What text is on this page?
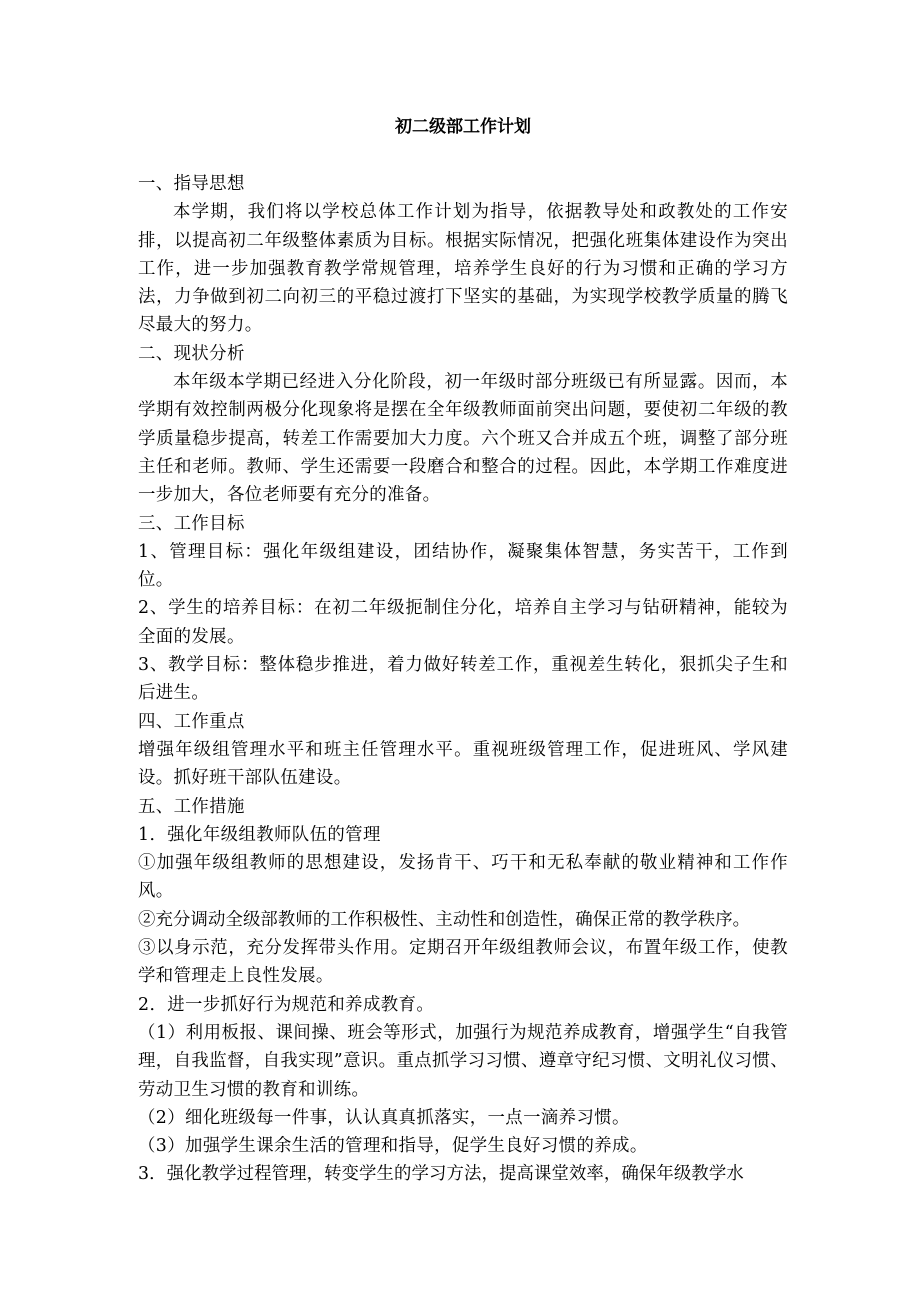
初二级部工作计划

一、指导思想

本学期，我们将以学校总体工作计划为指导，依据教导处和政教处的工作安排，以提高初二年级整体素质为目标。根据实际情况，把强化班集体建设作为突出工作，进一步加强教育教学常规管理，培养学生良好的行为习惯和正确的学习方法，力争做到初二向初三的平稳过渡打下坚实的基础，为实现学校教学质量的腾飞尽最大的努力。

二、现状分析

本年级本学期已经进入分化阶段，初一年级时部分班级已有所显露。因而，本学期有效控制两极分化现象将是摆在全年级教师面前突出问题，要使初二年级的教学质量稳步提高，转差工作需要加大力度。六个班又合并成五个班，调整了部分班主任和老师。教师、学生还需要一段磨合和整合的过程。因此，本学期工作难度进一步加大，各位老师要有充分的准备。

三、工作目标

1、管理目标：强化年级组建设，团结协作，凝聚集体智慧，务实苦干，工作到位。

2、学生的培养目标：在初二年级扼制住分化，培养自主学习与钻研精神，能较为全面的发展。

3、教学目标：整体稳步推进，着力做好转差工作，重视差生转化，狠抓尖子生和后进生。

四、工作重点

增强年级组管理水平和班主任管理水平。重视班级管理工作，促进班风、学风建设。抓好班干部队伍建设。

五、工作措施

1．强化年级组教师队伍的管理

①加强年级组教师的思想建设，发扬肯干、巧干和无私奉献的敬业精神和工作作风。

②充分调动全级部教师的工作积极性、主动性和创造性，确保正常的教学秩序。

③以身示范，充分发挥带头作用。定期召开年级组教师会议，布置年级工作，使教学和管理走上良性发展。

2．进一步抓好行为规范和养成教育。

（1）利用板报、课间操、班会等形式，加强行为规范养成教育，增强学生“自我管理，自我监督，自我实现”意识。重点抓学习习惯、遵章守纪习惯、文明礼仪习惯、劳动卫生习惯的教育和训练。

（2）细化班级每一件事，认认真真抓落实，一点一滴养习惯。

（3）加强学生课余生活的管理和指导，促学生良好习惯的养成。

3．强化教学过程管理，转变学生的学习方法，提高课堂效率，确保年级教学水
